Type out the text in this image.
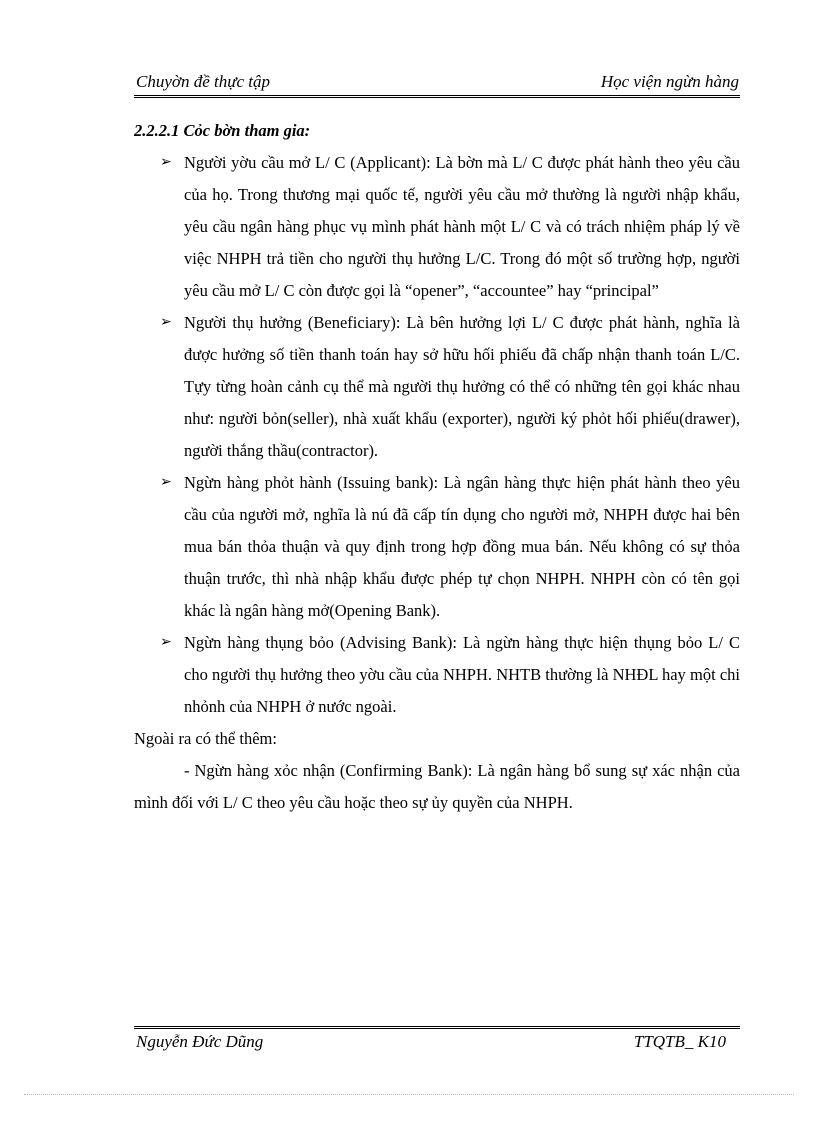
Chuyờn đề thực tập	Học viện ngừn hàng

2.2.2.1 Cỏc bờn tham gia:

➢ Người yờu cầu mở L/ C (Applicant): Là bờn mà L/ C được phát hành theo yêu cầu của họ. Trong thương mại quốc tế, người yêu cầu mở thường là người nhập khẩu, yêu cầu ngân hàng phục vụ mình phát hành một L/ C và có trách nhiệm pháp lý về việc NHPH trả tiền cho người thụ hưởng L/C. Trong đó một số trường hợp, người yêu cầu mở L/ C còn được gọi là “opener”, “accountee” hay “principal”
➢ Người thụ hưởng (Beneficiary): Là bên hưởng lợi L/ C được phát hành, nghĩa là được hưởng số tiền thanh toán hay sở hữu hối phiếu đã chấp nhận thanh toán L/C. Tựy từng hoàn cảnh cụ thể mà người thụ hưởng có thể có những tên gọi khác nhau như: người bỏn(seller), nhà xuất khẩu (exporter), người ký phỏt hối phiếu(drawer), người thắng thầu(contractor).
➢ Ngừn hàng phỏt hành (Issuing bank): Là ngân hàng thực hiện phát hành theo yêu cầu của người mở, nghĩa là nú đã cấp tín dụng cho người mở, NHPH được hai bên mua bán thỏa thuận và quy định trong hợp đồng mua bán. Nếu không có sự thỏa thuận trước, thì nhà nhập khẩu được phép tự chọn NHPH. NHPH còn có tên gọi khác là ngân hàng mở(Opening Bank).
➢ Ngừn hàng thụng bỏo (Advising Bank): Là ngừn hàng thực hiện thụng bỏo L/ C cho người thụ hưởng theo yờu cầu của NHPH. NHTB thường là NHĐL hay một chi nhỏnh của NHPH ở nước ngoài.

Ngoài ra có thể thêm:

- Ngừn hàng xỏc nhận (Confirming Bank): Là ngân hàng bổ sung sự xác nhận của mình đối với L/ C theo yêu cầu hoặc theo sự ủy quyền của NHPH.

Nguyễn Đức Dũng	TTQTB_ K10
